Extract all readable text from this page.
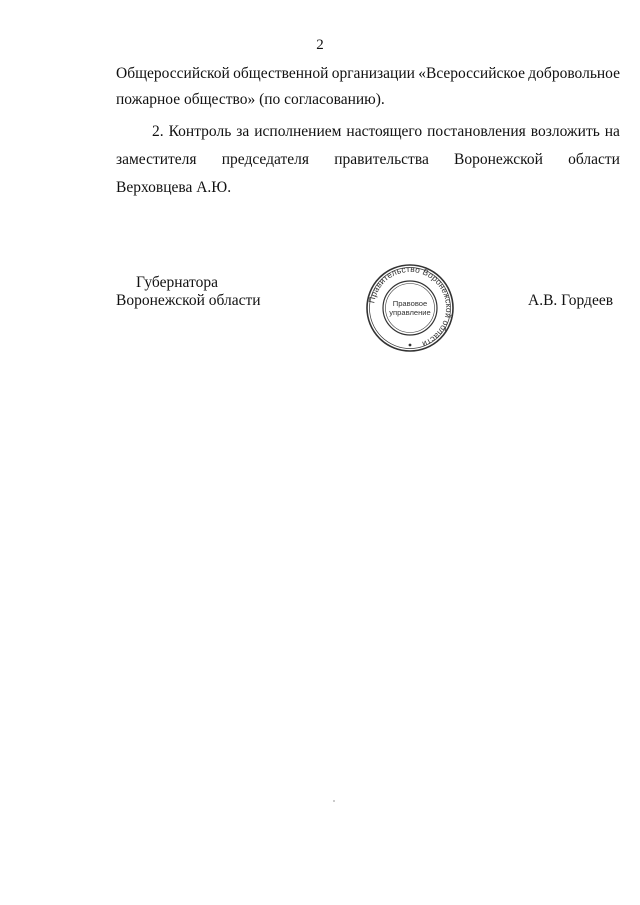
2
Общероссийской общественной организации «Всероссийское добровольное
пожарное общество» (по согласованию).
2. Контроль за исполнением настоящего постановления возложить на
заместителя председателя правительства Воронежской области
Верховцева А.Ю.
Губернатора
Воронежской области	А.В. Гордеев
Правительство Воронежской области
Правовое
управление
